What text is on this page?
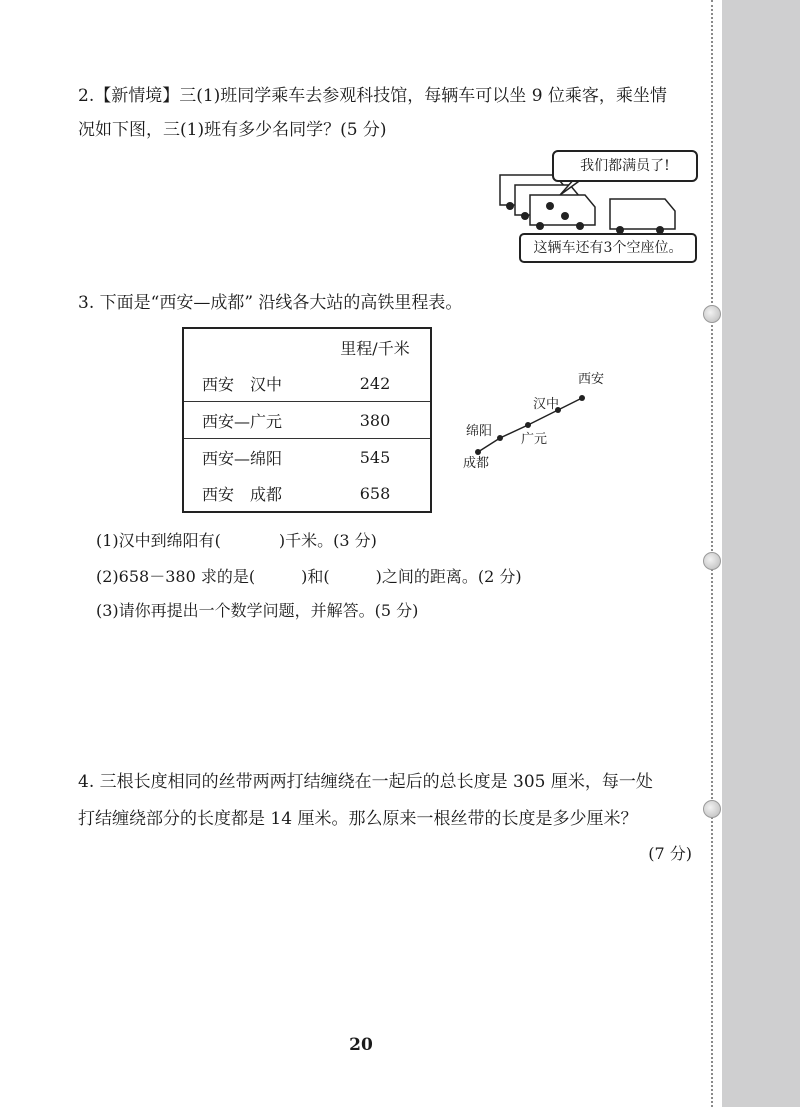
2.【新情境】三(1)班同学乘车去参观科技馆，每辆车可以坐 9 位乘客，乘坐情
况如下图，三(1)班有多少名同学？(5 分)
我们都满员了!
这辆车还有3个空座位。
3. 下面是“西安—成都” 沿线各大站的高铁里程表。
	里程/千米
西安　汉中	242
西安—广元	380
西安—绵阳	545
西安　成都	658
西安
汉中
广元
绵阳
成都
(1)汉中到绵阳有(	)千米。(3 分)
(2)658－380 求的是(	)和(	)之间的距离。(2 分)
(3)请你再提出一个数学问题，并解答。(5 分)
4. 三根长度相同的丝带两两打结缠绕在一起后的总长度是 305 厘米，每一处
打结缠绕部分的长度都是 14 厘米。那么原来一根丝带的长度是多少厘米？
(7 分)
20
